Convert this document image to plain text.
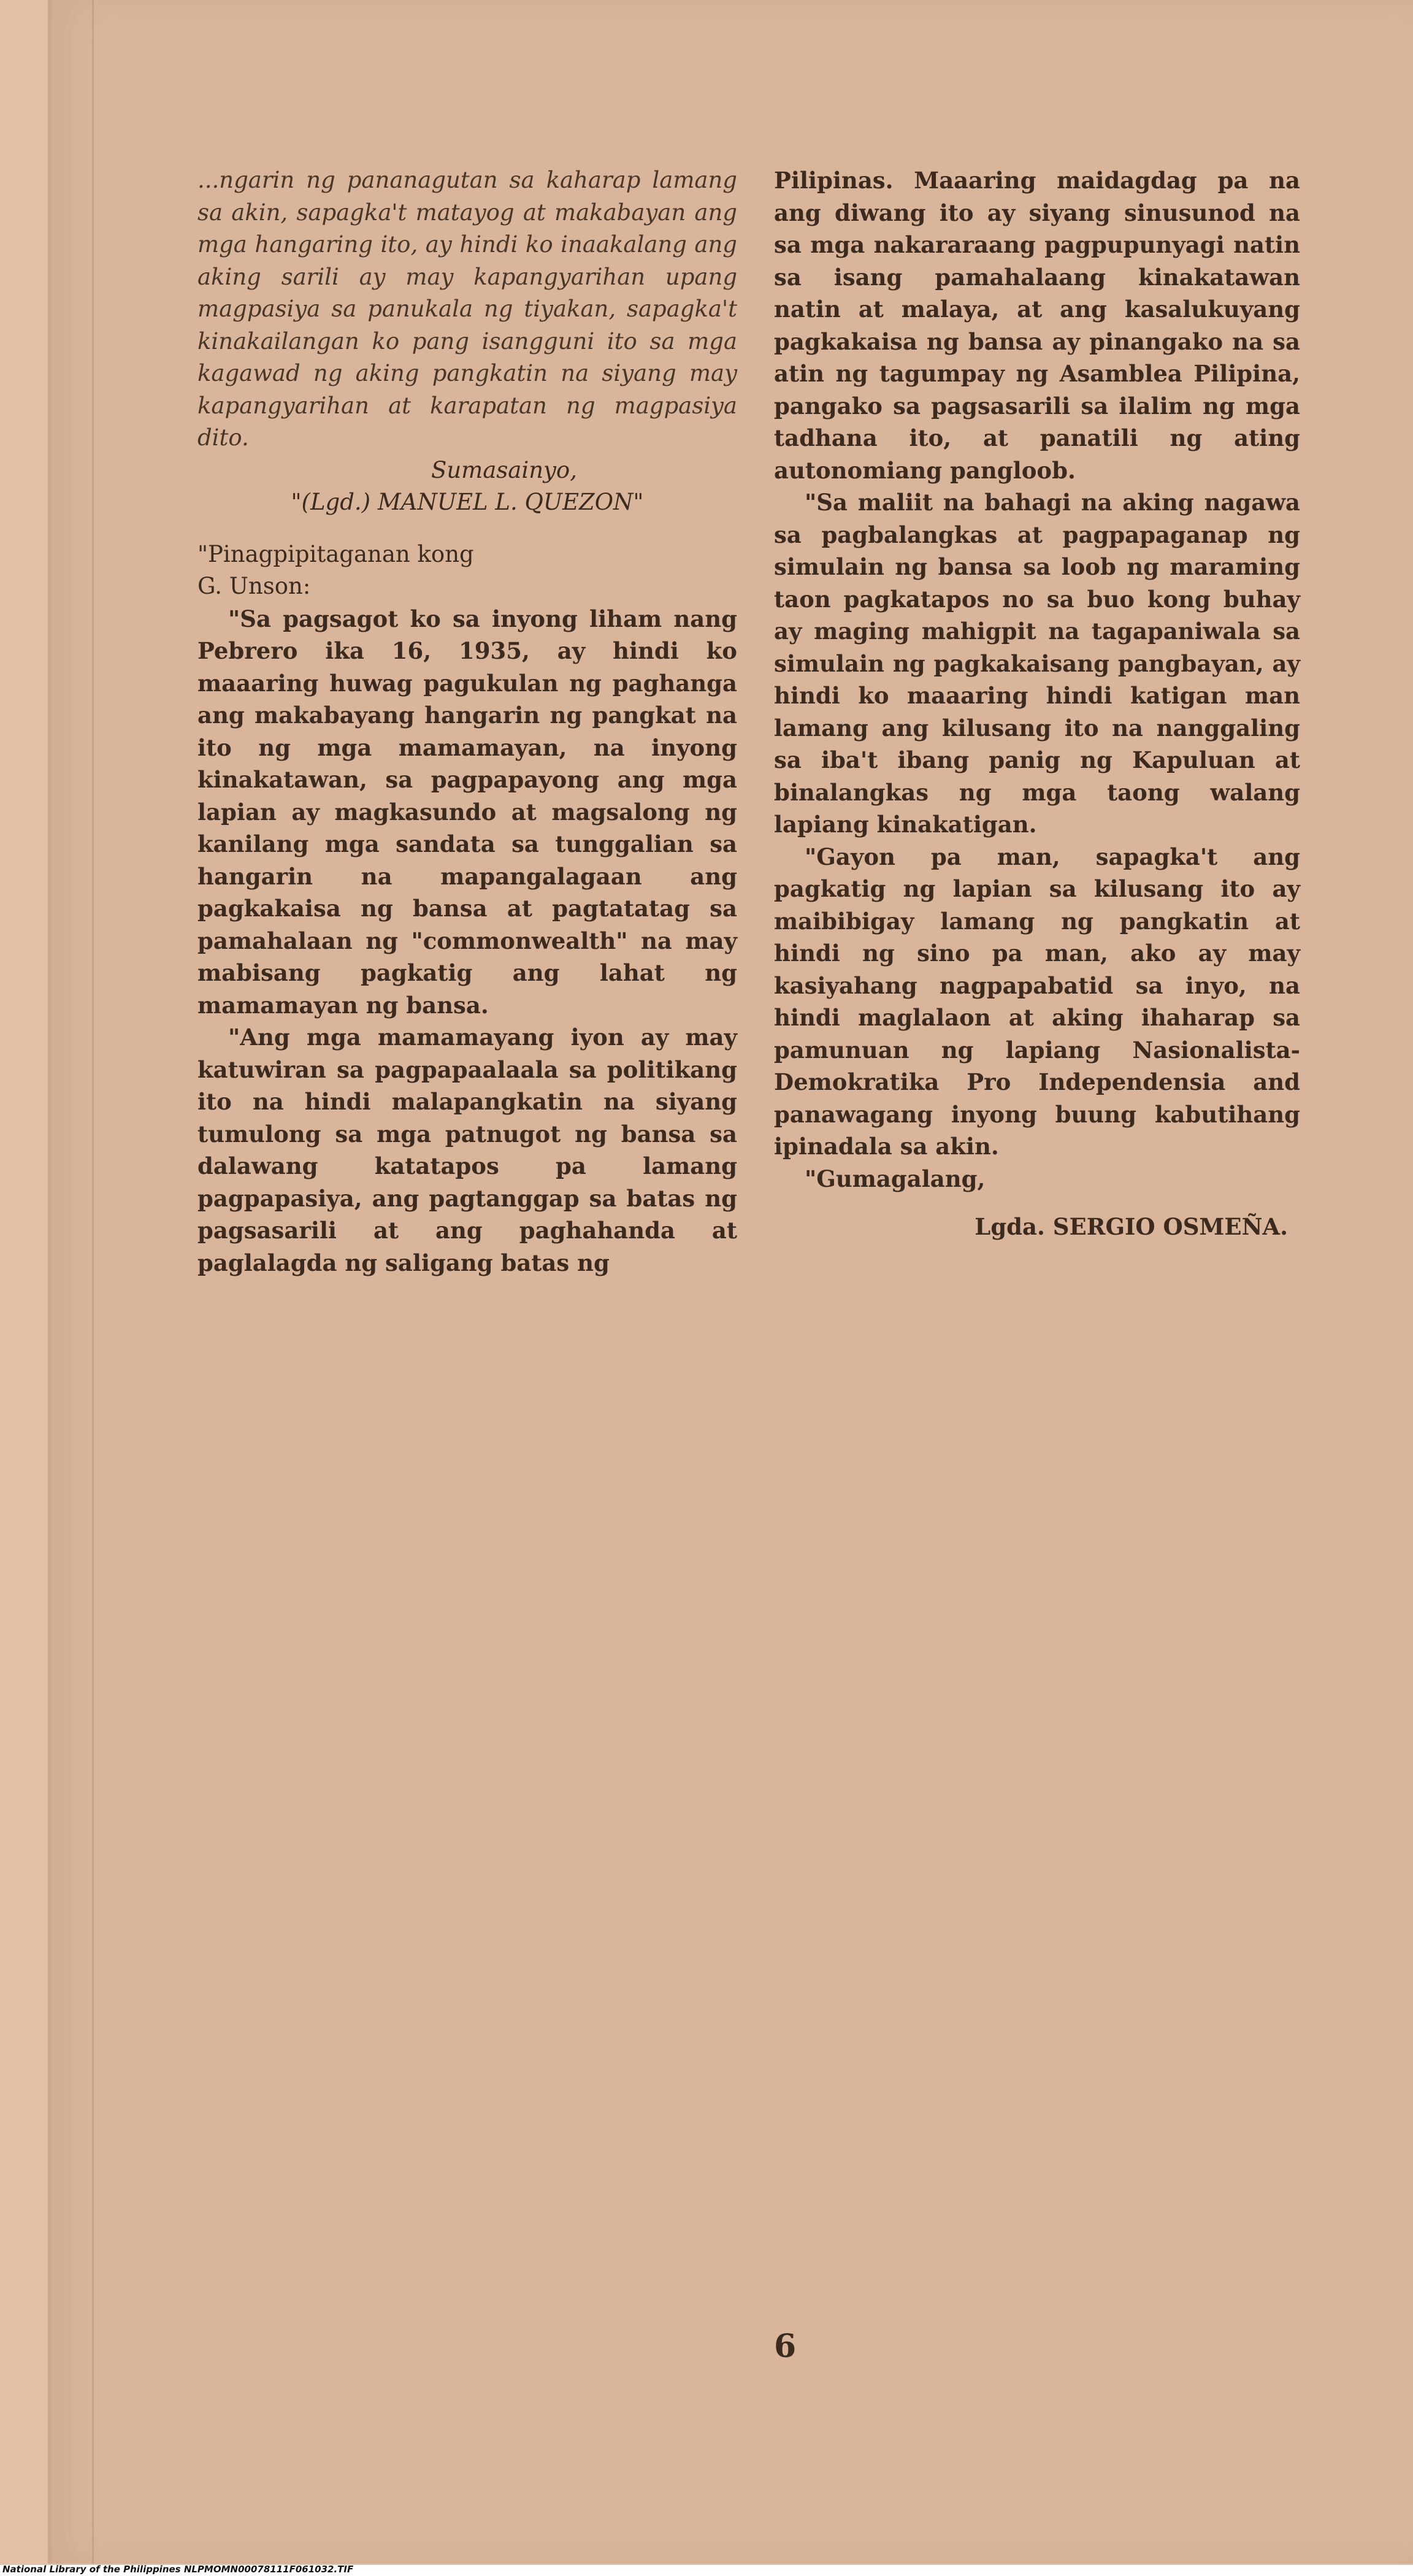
...ngarin ng pananagutan sa kaharap lamang sa akin, sapagka't matayog at makabayan ang mga hangaring ito, ay hindi ko inaakalang ang aking sarili ay may kapangyarihan upang magpasiya sa panukala ng tiyakan, sapagka't kinakailangan ko pang isangguni ito sa mga kagawad ng aking pangkatin na siyang may kapangyarihan at karapatan ng magpasiya dito.

Sumasainyo,

"(Lgd.) MANUEL L. QUEZON"

"Pinagpipitaganan kong

G. Unson:

"Sa pagsagot ko sa inyong liham nang Pebrero ika 16, 1935, ay hindi ko maaaring huwag pagukulan ng paghanga ang makabayang hangarin ng pangkat na ito ng mga mamamayan, na inyong kinakatawan, sa pagpapayong ang mga lapian ay magkasundo at magsalong ng kanilang mga sandata sa tunggalian sa hangarin na mapangalagaan ang pagkakaisa ng bansa at pagtatatag sa pamahalaan ng "commonwealth" na may mabisang pagkatig ang lahat ng mamamayan ng bansa.

"Ang mga mamamayang iyon ay may katuwiran sa pagpapaalaala sa politikang ito na hindi malapangkatin na siyang tumulong sa mga patnugot ng bansa sa dalawang katatapos pa lamang pagpapasiya, ang pagtanggap sa batas ng pagsasarili at ang paghahanda at paglalagda ng saligang batas ng

Pilipinas. Maaaring maidagdag pa na ang diwang ito ay siyang sinusunod na sa mga nakararaang pagpupunyagi natin sa isang pamahalaang kinakatawan natin at malaya, at ang kasalukuyang pagkakaisa ng bansa ay pinangako na sa atin ng tagumpay ng Asamblea Pilipina, pangako sa pagsasarili sa ilalim ng mga tadhana ito, at panatili ng ating autonomiang pangloob.

"Sa maliit na bahagi na aking nagawa sa pagbalangkas at pagpapaganap ng simulain ng bansa sa loob ng maraming taon pagkatapos no sa buo kong buhay ay maging mahigpit na tagapaniwala sa simulain ng pagkakaisang pangbayan, ay hindi ko maaaring hindi katigan man lamang ang kilusang ito na nanggaling sa iba't ibang panig ng Kapuluan at binalangkas ng mga taong walang lapiang kinakatigan.

"Gayon pa man, sapagka't ang pagkatig ng lapian sa kilusang ito ay maibibigay lamang ng pangkatin at hindi ng sino pa man, ako ay may kasiyahang nagpapabatid sa inyo, na hindi maglalaon at aking ihaharap sa pamunuan ng lapiang Nasionalista-Demokratika Pro Independensia and panawagang inyong buung kabutihang ipinadala sa akin.

"Gumagalang,

Lgda. SERGIO OSMEÑA.

6
National Library of the Philippines NLPMOMN00078111F061032.TIF
